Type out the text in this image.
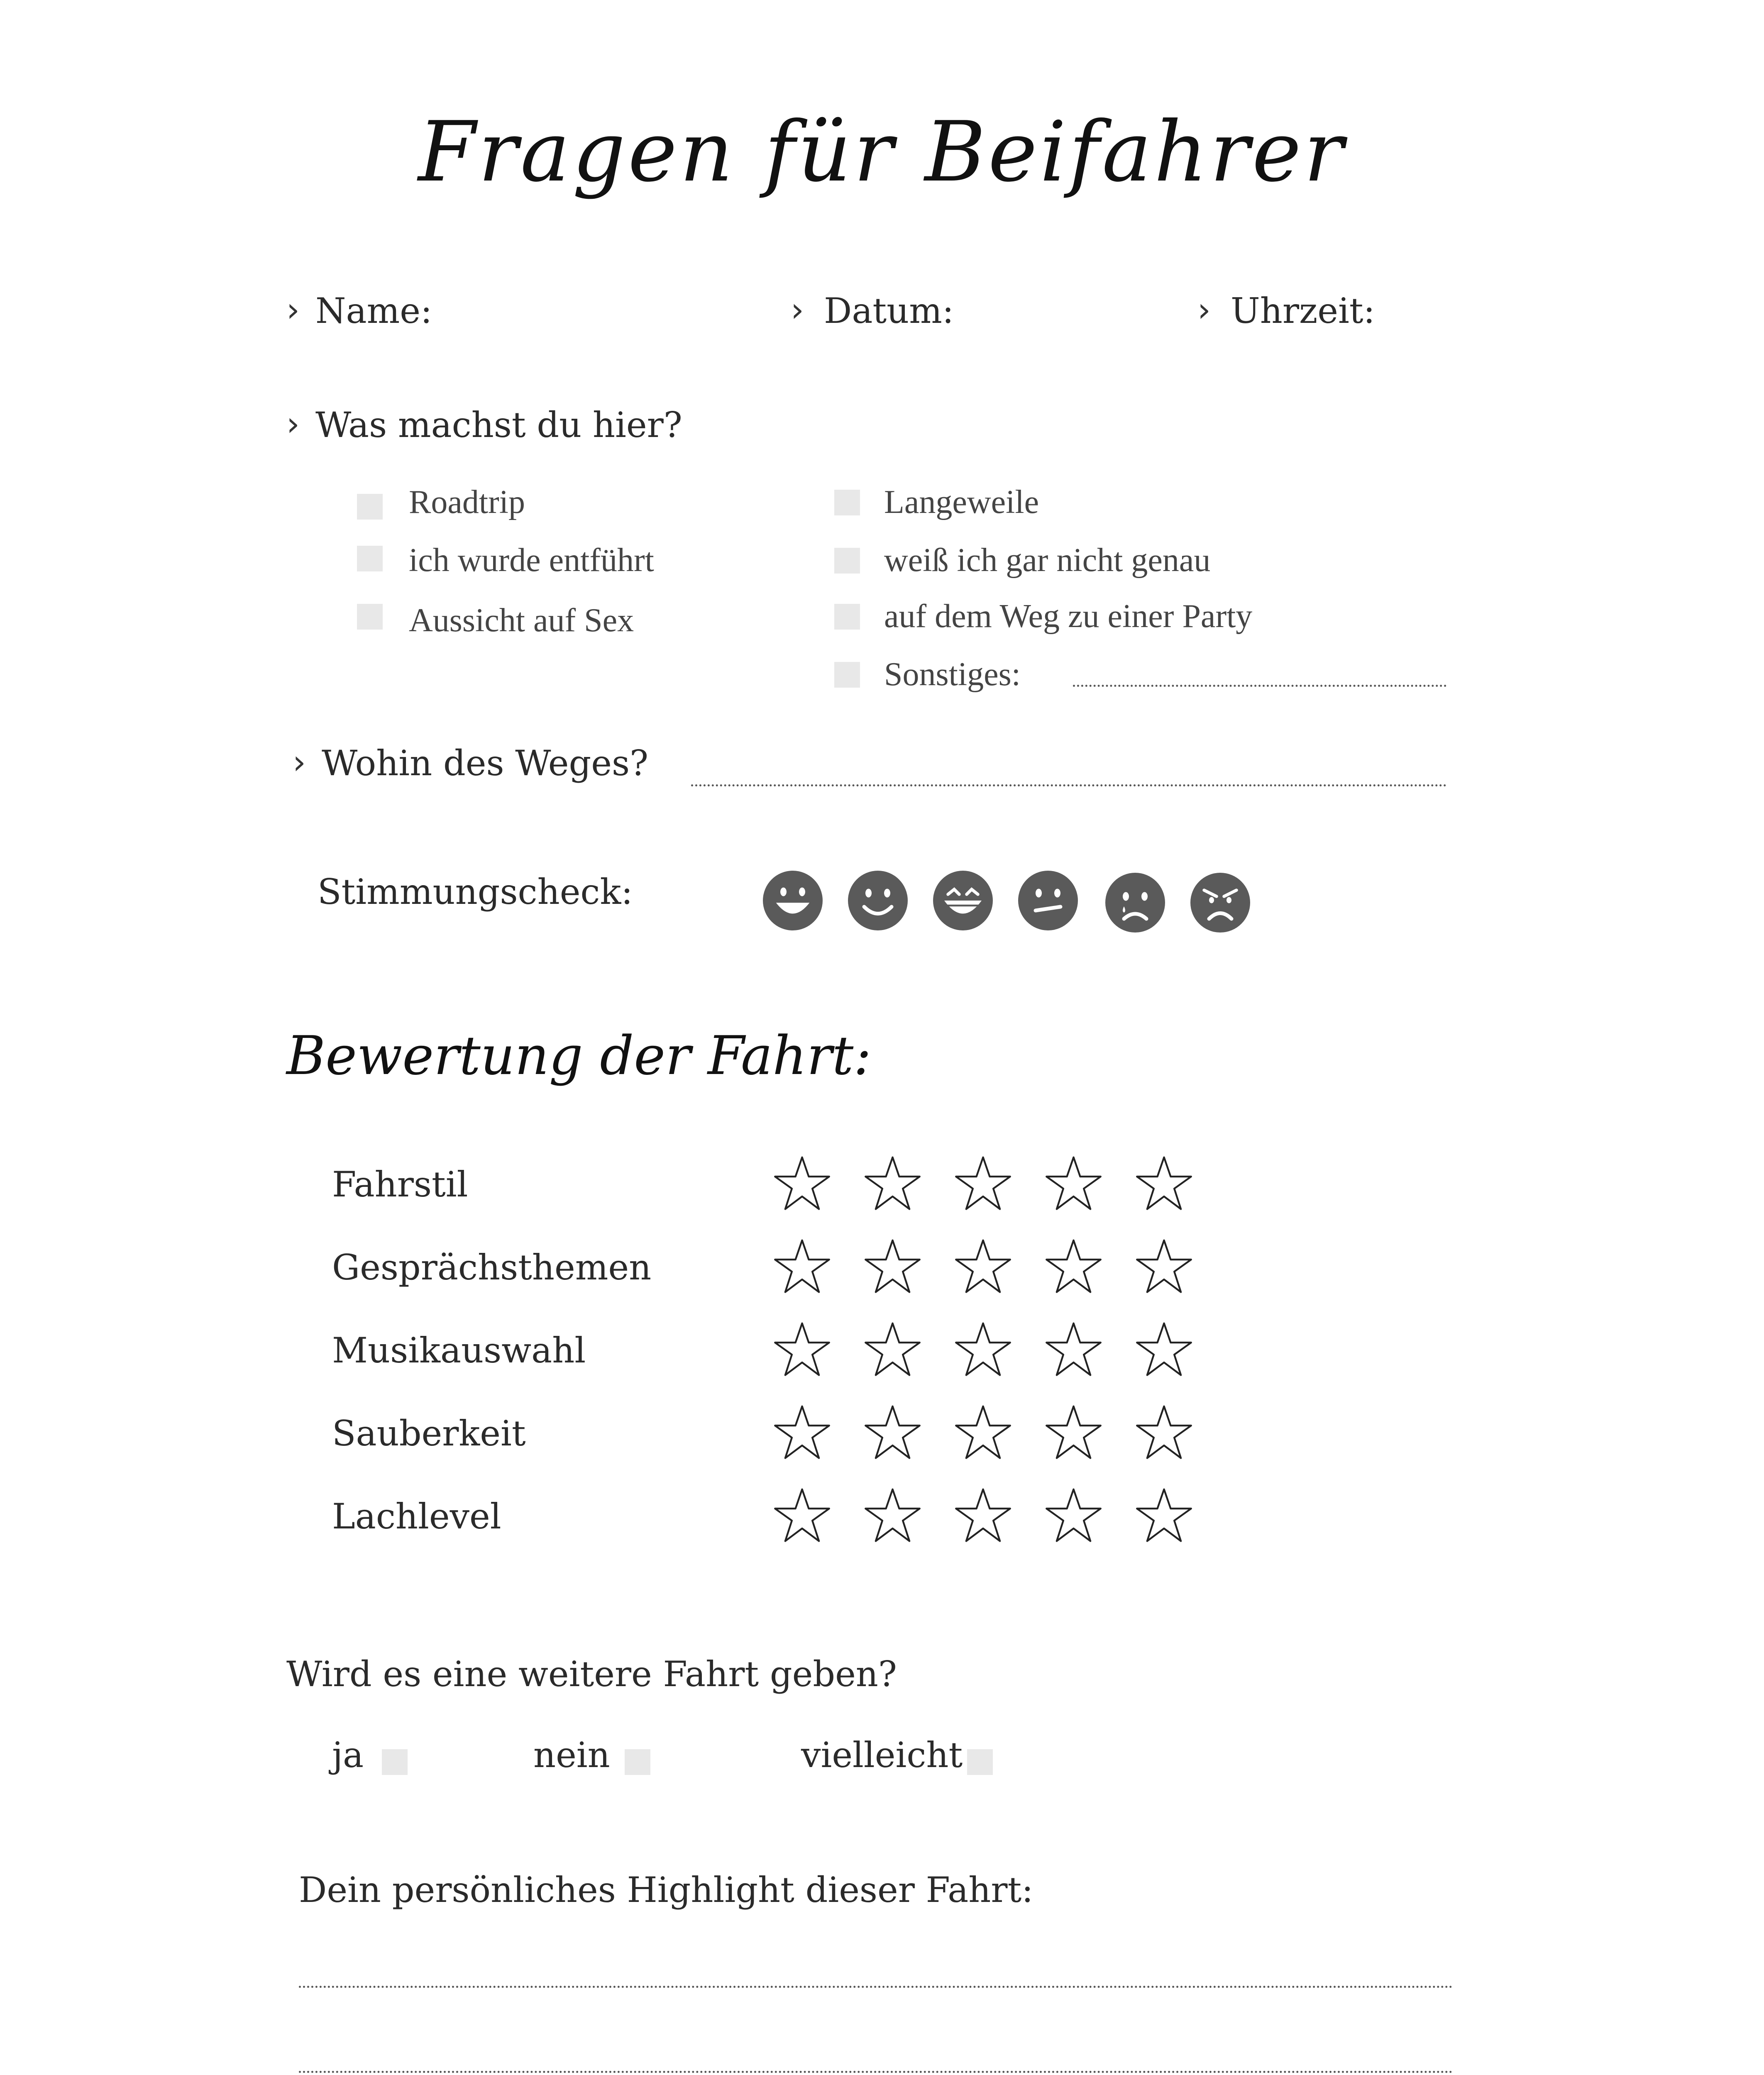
Fragen für Beifahrer
› Name:	› Datum:	› Uhrzeit:
› Was machst du hier?
Roadtrip
ich wurde entführt
Aussicht auf Sex
Langeweile
weiß ich gar nicht genau
auf dem Weg zu einer Party
Sonstiges:
› Wohin des Weges?
Stimmungscheck:
Bewertung der Fahrt:
Fahrstil
Gesprächsthemen
Musikauswahl
Sauberkeit
Lachlevel
Wird es eine weitere Fahrt geben?
ja	nein	vielleicht
Dein persönliches Highlight dieser Fahrt:
